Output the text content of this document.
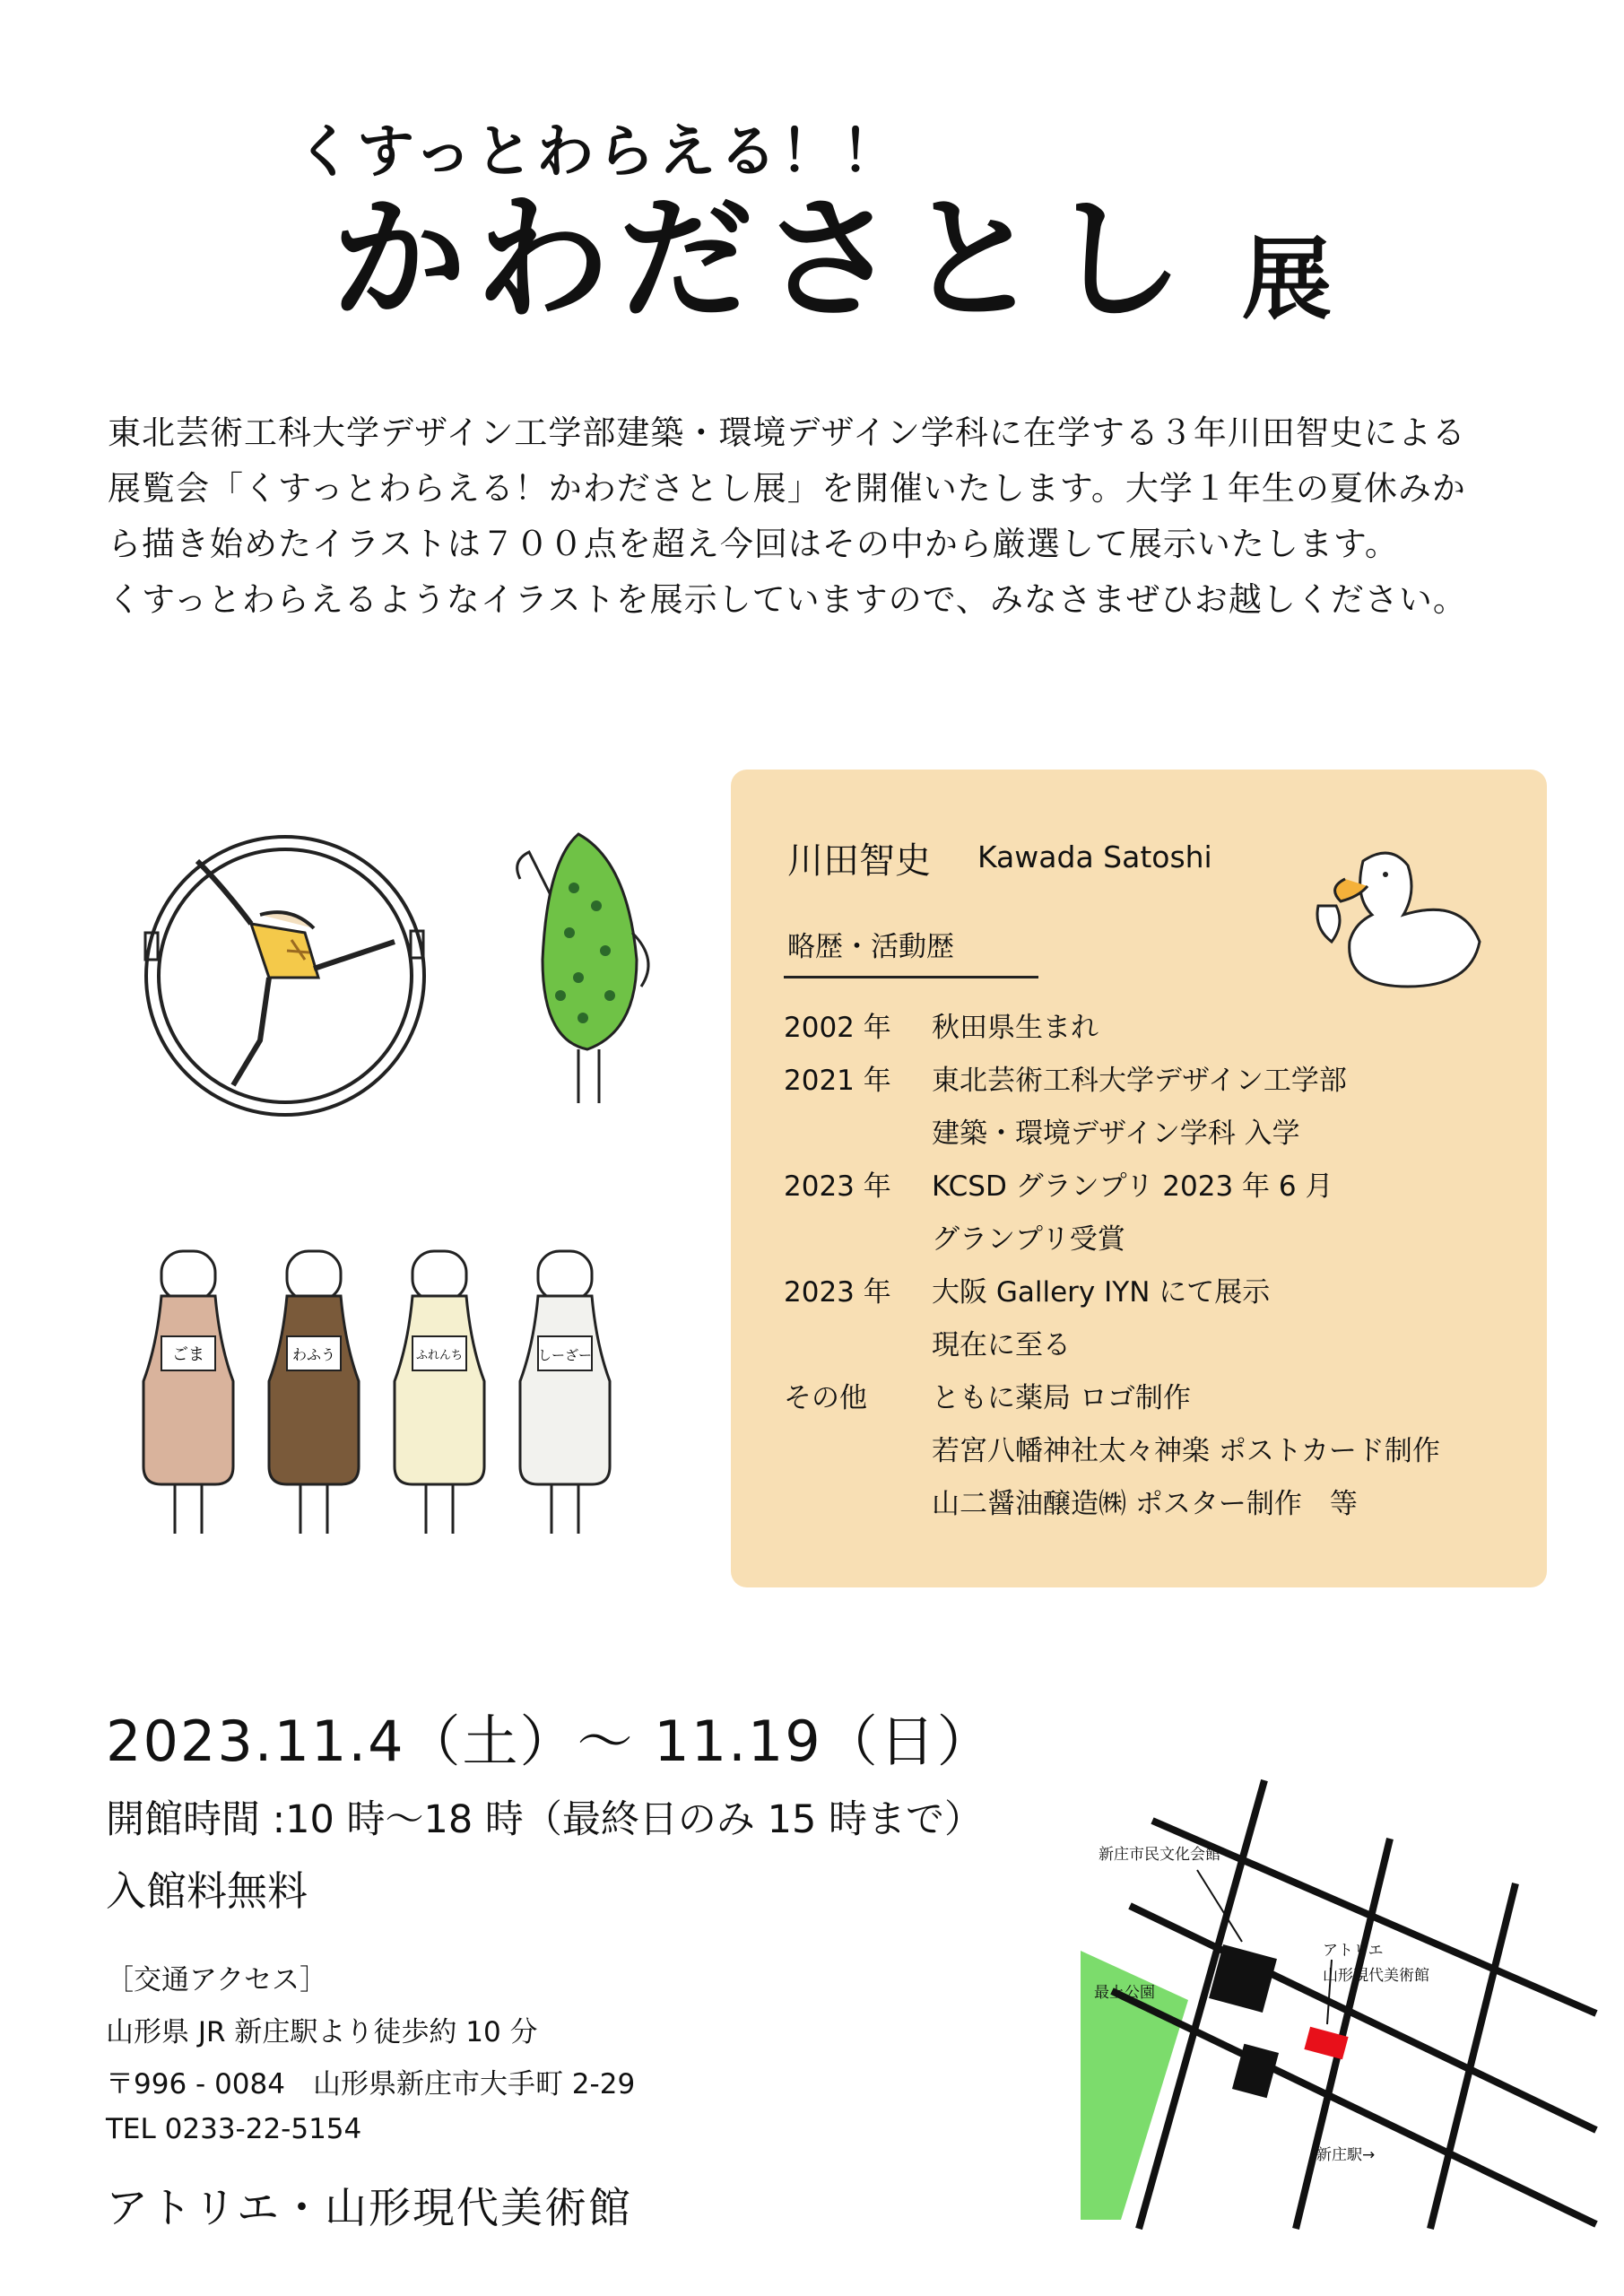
くすっとわらえる！！
かわださとし 展

東北芸術工科大学デザイン工学部建築・環境デザイン学科に在学する３年川田智史による

展覧会「くすっとわらえる！かわださとし展」を開催いたします。大学１年生の夏休みか

ら描き始めたイラストは７００点を超え今回はその中から厳選して展示いたします。

くすっとわらえるようなイラストを展示していますので、みなさまぜひお越しください。

ごま	わふう	ふれんち	しーざー
川田智史 Kawada Satoshi
略歴・活動歴
2002 年 秋田県生まれ
2021 年 東北芸術工科大学デザイン工学部
建築・環境デザイン学科 入学
2023 年 KCSD グランプリ 2023 年 6 月
グランプリ受賞
2023 年 大阪 Gallery IYN にて展示
現在に至る
その他 ともに薬局 ロゴ制作
若宮八幡神社太々神楽 ポストカード制作
山二醤油醸造㈱ ポスター制作　等
2023.11.4（土）～ 11.19（日）
開館時間 :10 時～18 時（最終日のみ 15 時まで）
入館料無料
［交通アクセス］
山形県 JR 新庄駅より徒歩約 10 分
〒996 - 0084　山形県新庄市大手町 2-29
TEL 0233-22-5154
アトリエ・山形現代美術館
新庄市民文化会館
最上公園
アトリエ
山形現代美術館
新庄駅→
